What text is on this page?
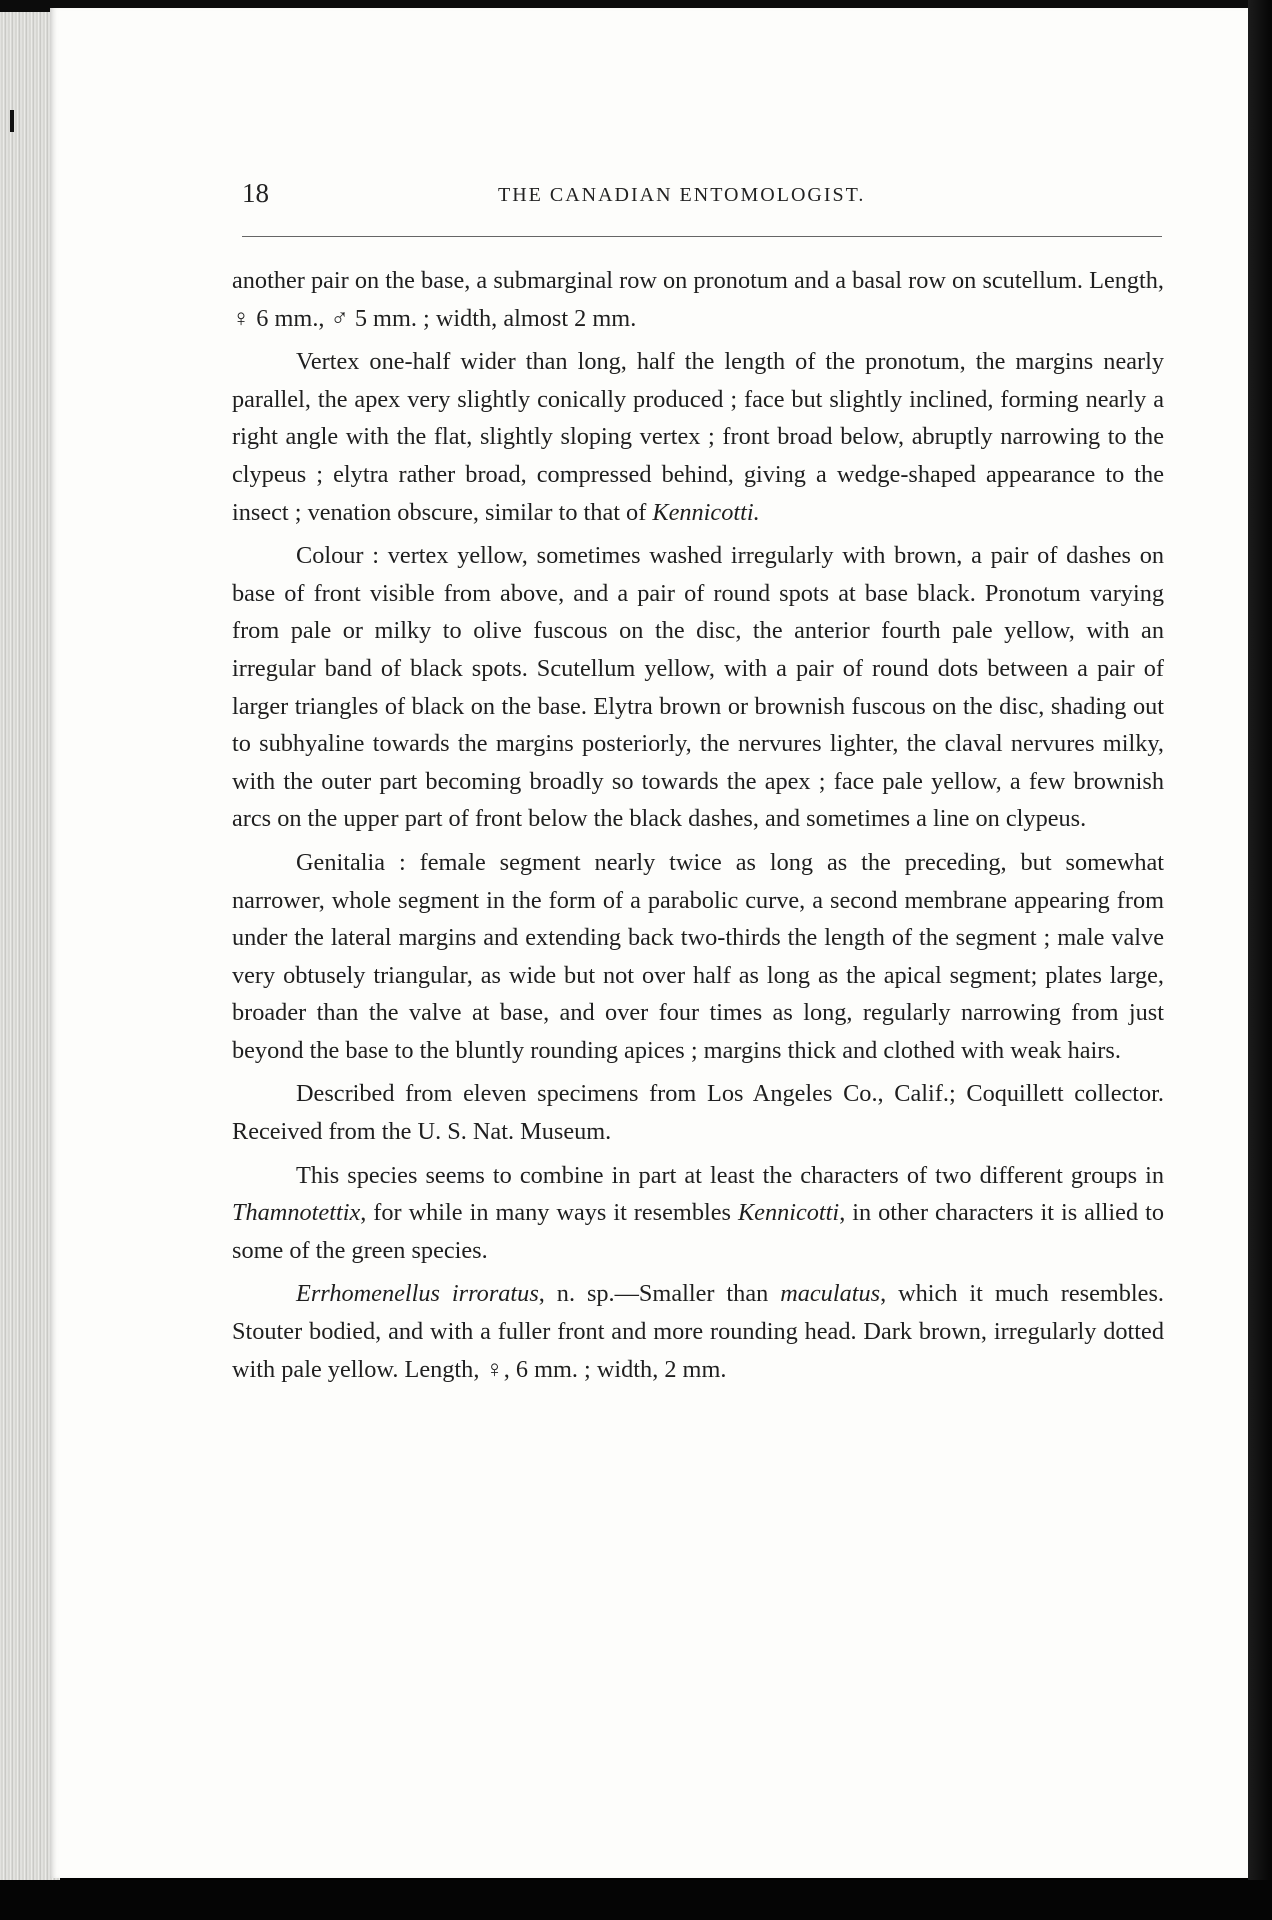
18	THE CANADIAN ENTOMOLOGIST.

another pair on the base, a submarginal row on pronotum and a basal row on scutellum. Length, ♀ 6 mm., ♂ 5 mm. ; width, almost 2 mm.

Vertex one-half wider than long, half the length of the pronotum, the margins nearly parallel, the apex very slightly conically produced ; face but slightly inclined, forming nearly a right angle with the flat, slightly sloping vertex ; front broad below, abruptly narrowing to the clypeus ; elytra rather broad, compressed behind, giving a wedge-shaped appearance to the insect ; venation obscure, similar to that of Kennicotti.

Colour : vertex yellow, sometimes washed irregularly with brown, a pair of dashes on base of front visible from above, and a pair of round spots at base black. Pronotum varying from pale or milky to olive fuscous on the disc, the anterior fourth pale yellow, with an irregular band of black spots. Scutellum yellow, with a pair of round dots between a pair of larger triangles of black on the base. Elytra brown or brownish fuscous on the disc, shading out to subhyaline towards the margins posteriorly, the nervures lighter, the claval nervures milky, with the outer part becoming broadly so towards the apex ; face pale yellow, a few brownish arcs on the upper part of front below the black dashes, and sometimes a line on clypeus.

Genitalia : female segment nearly twice as long as the preceding, but somewhat narrower, whole segment in the form of a parabolic curve, a second membrane appearing from under the lateral margins and extending back two-thirds the length of the segment ; male valve very obtusely triangular, as wide but not over half as long as the apical segment; plates large, broader than the valve at base, and over four times as long, regularly narrowing from just beyond the base to the bluntly rounding apices ; margins thick and clothed with weak hairs.

Described from eleven specimens from Los Angeles Co., Calif.; Coquillett collector. Received from the U. S. Nat. Museum.

This species seems to combine in part at least the characters of two different groups in Thamnotettix, for while in many ways it resembles Kennicotti, in other characters it is allied to some of the green species.

Errhomenellus irroratus, n. sp.—Smaller than maculatus, which it much resembles. Stouter bodied, and with a fuller front and more rounding head. Dark brown, irregularly dotted with pale yellow. Length, ♀, 6 mm. ; width, 2 mm.
